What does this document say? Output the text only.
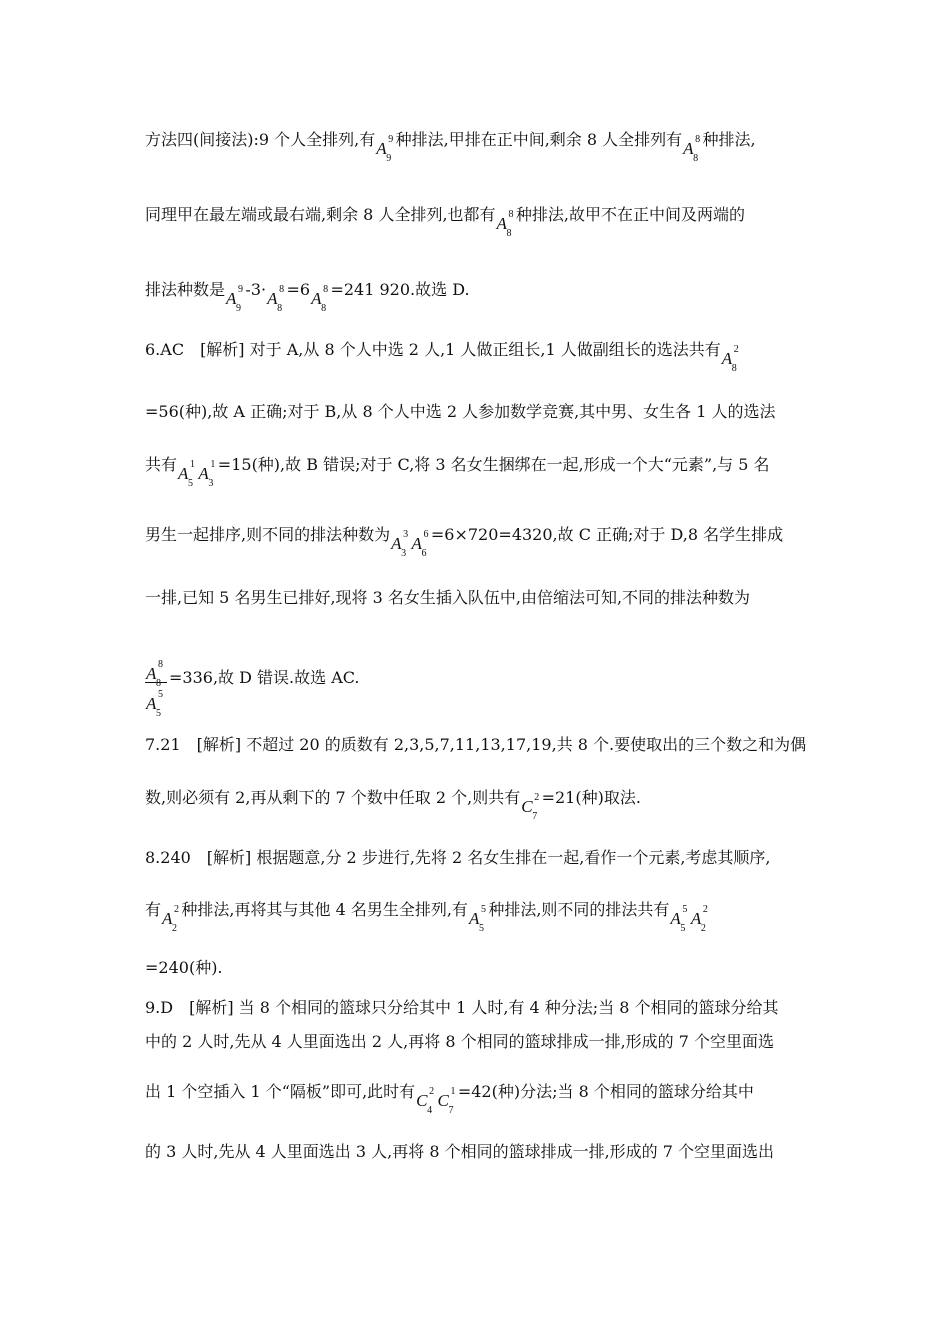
方法四(间接法):9 个人全排列,有A 9
9
种排法,甲排在正中间,剩余 8 人全排列有A 8
8
种排法,
同理甲在最左端或最右端,剩余 8 人全排列,也都有A 8
8
种排法,故甲不在正中间及两端的
排法种数是A 9
9
-3·A 8
8
=6A 8
8
=241 920.故选 D.
6.AC　[解析] 对于 A,从 8 个人中选 2 人,1 人做正组长,1 人做副组长的选法共有A 2
8
=56(种),故 A 正确;对于 B,从 8 个人中选 2 人参加数学竞赛,其中男、女生各 1 人的选法
共有A 1
5
A 1
3
=15(种),故 B 错误;对于 C,将 3 名女生捆绑在一起,形成一个大“元素”,与 5 名
男生一起排序,则不同的排法种数为A 3
3
A 6
6
=6×720=4320,故 C 正确;对于 D,8 名学生排成
一排,已知 5 名男生已排好,现将 3 名女生插入队伍中,由倍缩法可知,不同的排法种数为
7.21　[解析] 不超过 20 的质数有 2,3,5,7,11,13,17,19,共 8 个.要使取出的三个数之和为偶
数,则必须有 2,再从剩下的 7 个数中任取 2 个,则共有C 2
7
=21(种)取法.
8.240　[解析] 根据题意,分 2 步进行,先将 2 名女生排在一起,看作一个元素,考虑其顺序,
有A 2
2
种排法,再将其与其他 4 名男生全排列,有A 5
5
种排法,则不同的排法共有A 5
5
A 2
2
=240(种).
9.D　[解析] 当 8 个相同的篮球只分给其中 1 人时,有 4 种分法;当 8 个相同的篮球分给其
中的 2 人时,先从 4 人里面选出 2 人,再将 8 个相同的篮球排成一排,形成的 7 个空里面选
出 1 个空插入 1 个“隔板”即可,此时有C 2
4
C 1
7
=42(种)分法;当 8 个相同的篮球分给其中
的 3 人时,先从 4 人里面选出 3 人,再将 8 个相同的篮球排成一排,形成的 7 个空里面选出
A 8
8
A 5
5
=336,故 D 错误.故选 AC.
